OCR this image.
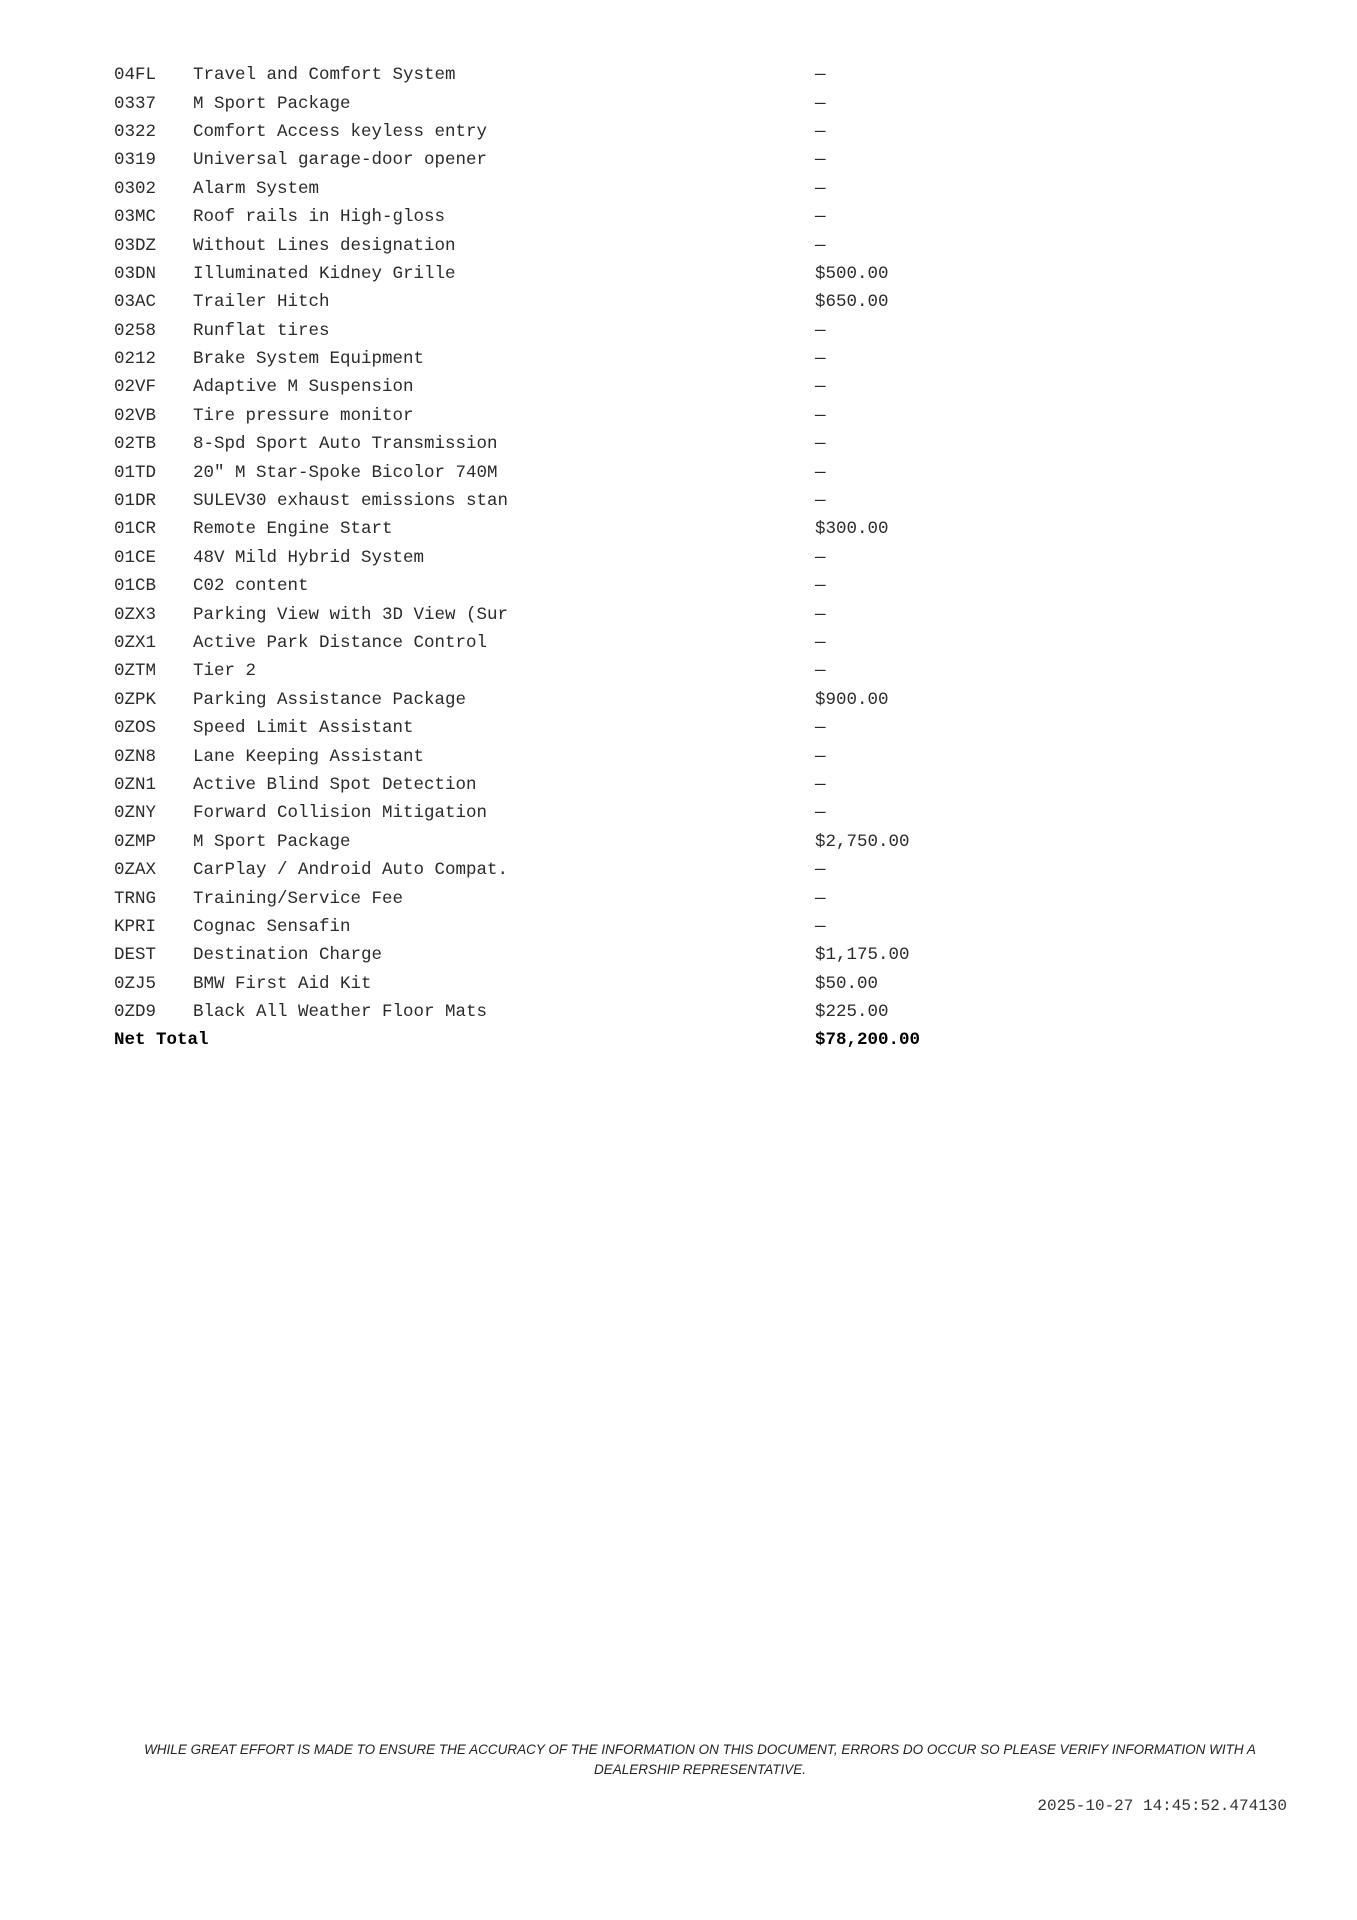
04FL	Travel and Comfort System	—
0337	M Sport Package	—
0322	Comfort Access keyless entry	—
0319	Universal garage-door opener	—
0302	Alarm System	—
03MC	Roof rails in High-gloss	—
03DZ	Without Lines designation	—
03DN	Illuminated Kidney Grille	$500.00
03AC	Trailer Hitch	$650.00
0258	Runflat tires	—
0212	Brake System Equipment	—
02VF	Adaptive M Suspension	—
02VB	Tire pressure monitor	—
02TB	8-Spd Sport Auto Transmission	—
01TD	20" M Star-Spoke Bicolor 740M	—
01DR	SULEV30 exhaust emissions stan	—
01CR	Remote Engine Start	$300.00
01CE	48V Mild Hybrid System	—
01CB	C02 content	—
0ZX3	Parking View with 3D View (Sur	—
0ZX1	Active Park Distance Control	—
0ZTM	Tier 2	—
0ZPK	Parking Assistance Package	$900.00
0ZOS	Speed Limit Assistant	—
0ZN8	Lane Keeping Assistant	—
0ZN1	Active Blind Spot Detection	—
0ZNY	Forward Collision Mitigation	—
0ZMP	M Sport Package	$2,750.00
0ZAX	CarPlay / Android Auto Compat.	—
TRNG	Training/Service Fee	—
KPRI	Cognac Sensafin	—
DEST	Destination Charge	$1,175.00
0ZJ5	BMW First Aid Kit	$50.00
0ZD9	Black All Weather Floor Mats	$225.00
Net Total	$78,200.00
WHILE GREAT EFFORT IS MADE TO ENSURE THE ACCURACY OF THE INFORMATION ON THIS DOCUMENT, ERRORS DO OCCUR SO PLEASE VERIFY INFORMATION WITH A DEALERSHIP REPRESENTATIVE.
2025-10-27 14:45:52.474130
